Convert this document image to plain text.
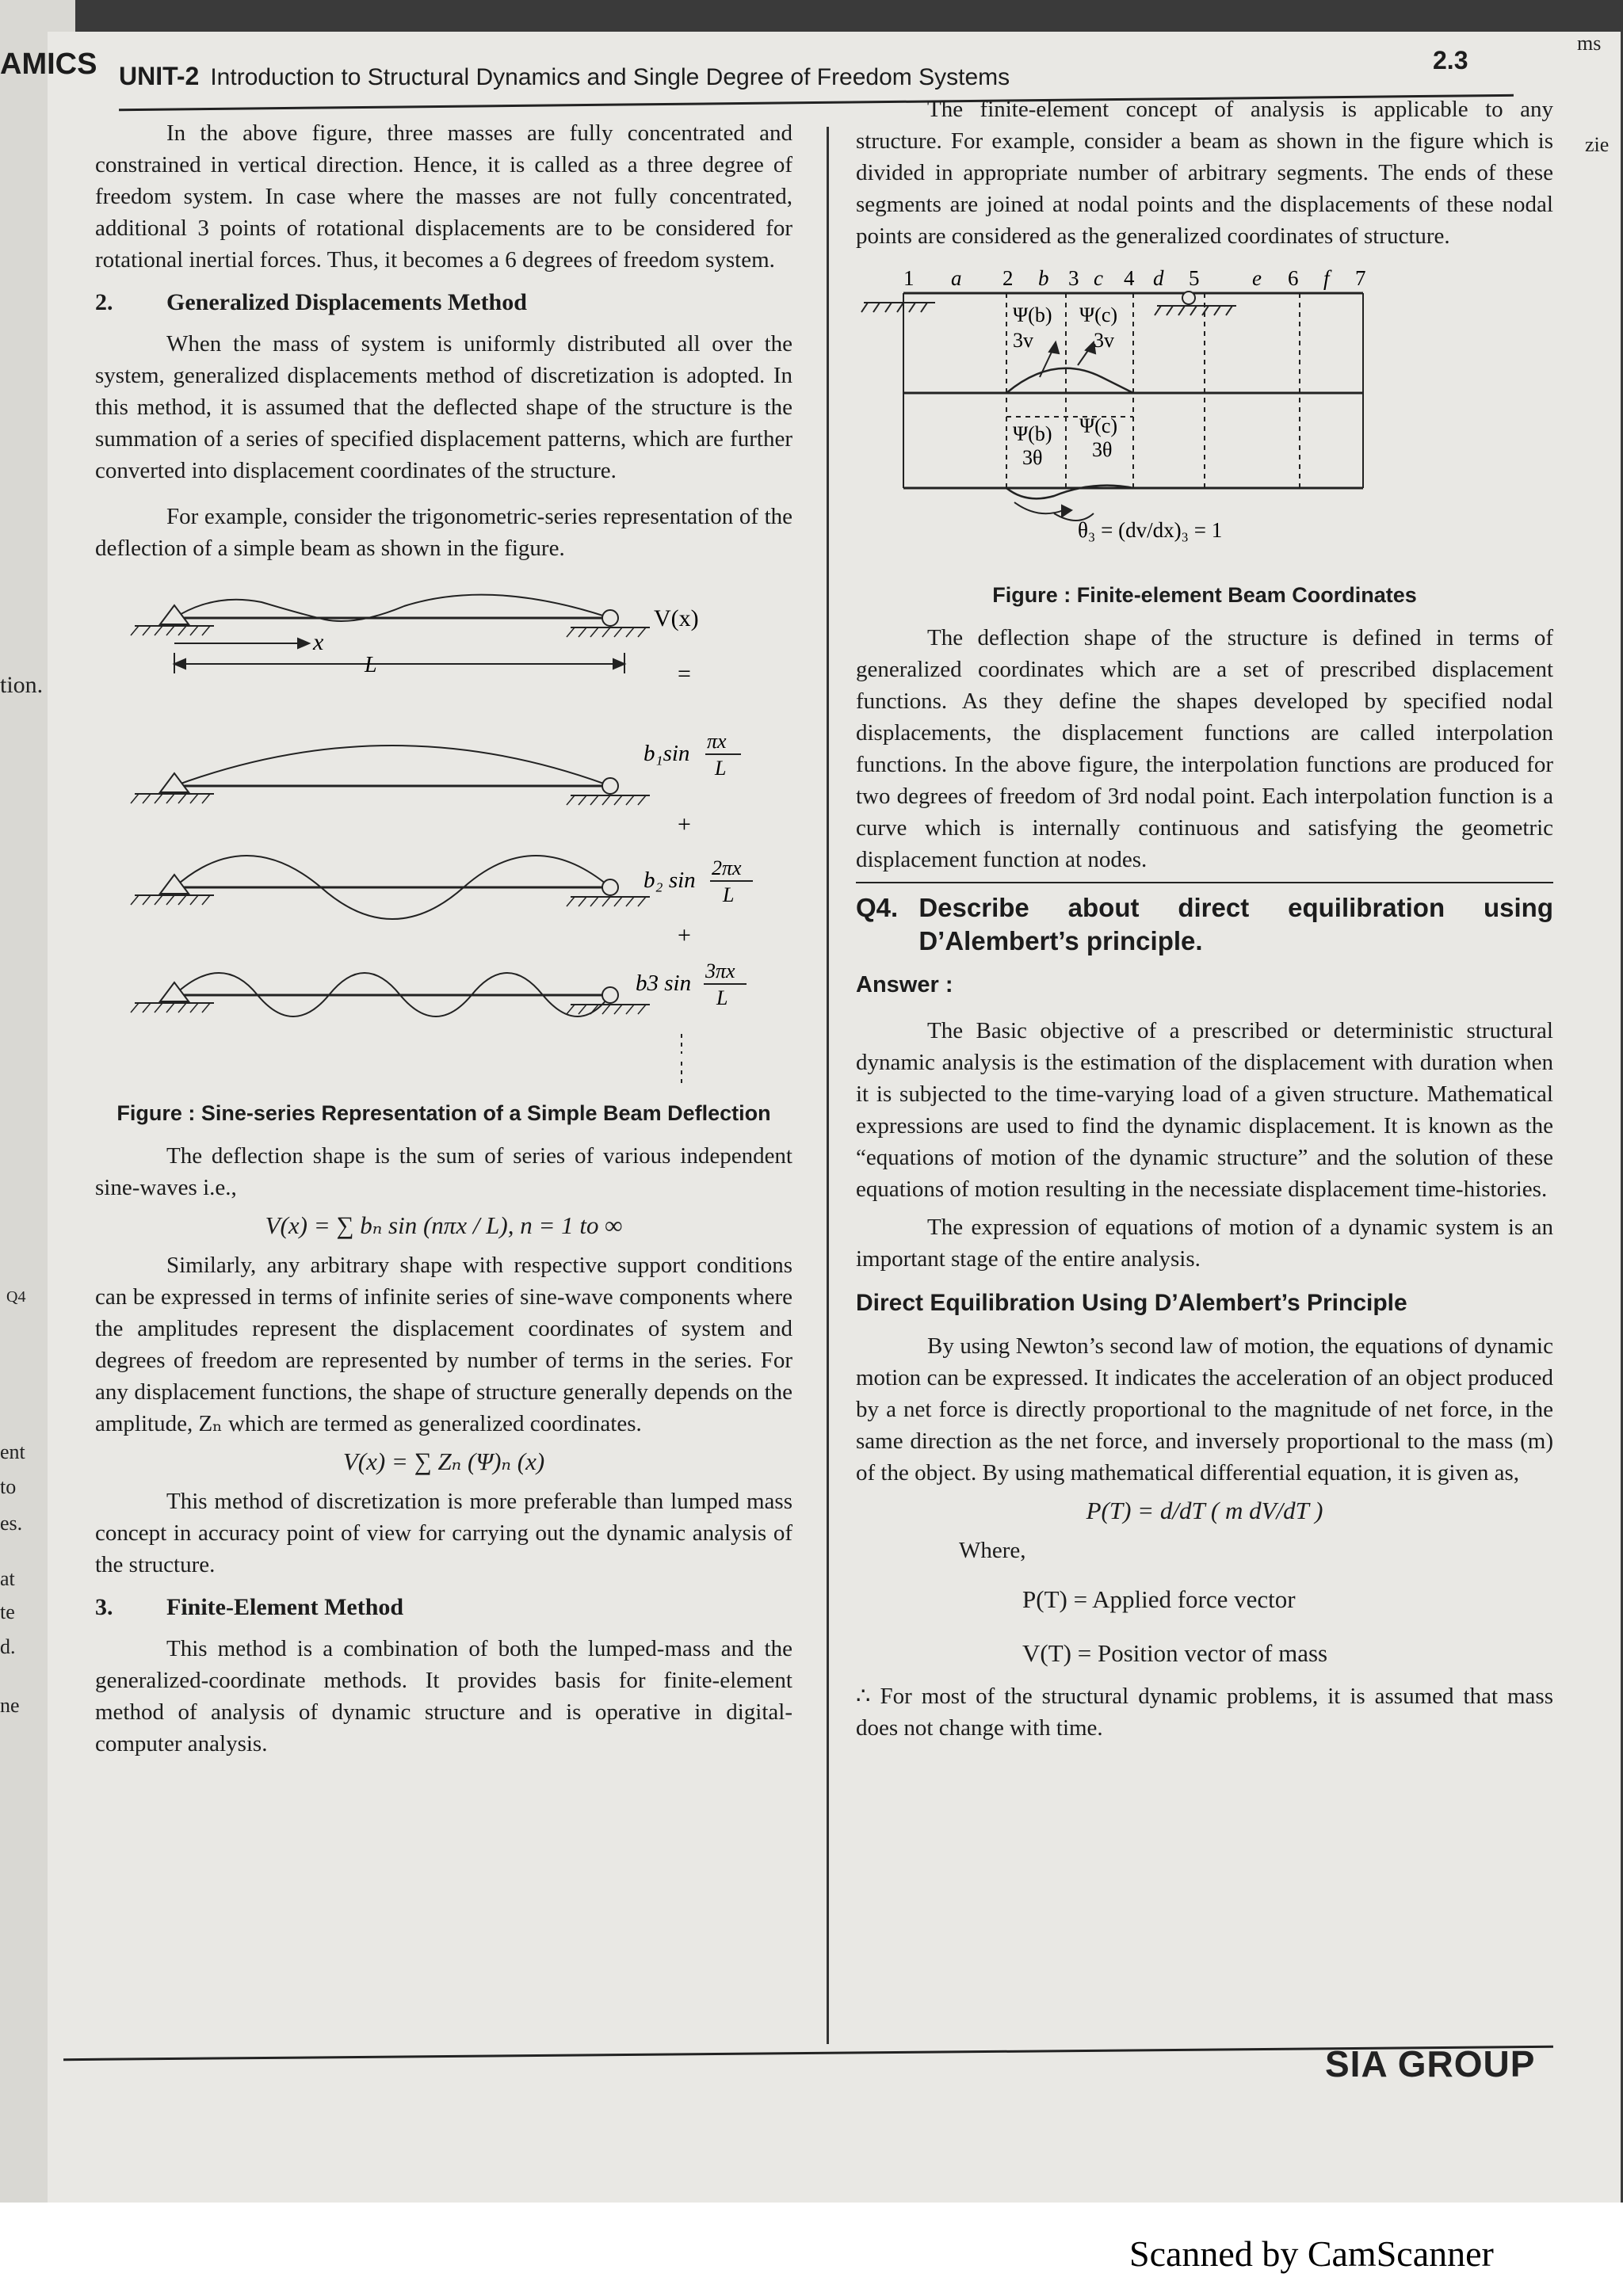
AMICS UNIT-2 Introduction to Structural Dynamics and Single Degree of Freedom Systems
2.3
tion.
Q4
ent
to
es.
at
te
d.
ne
ms
zie

In the above figure, three masses are fully concentrated and constrained in vertical direction. Hence, it is called as a three degree of freedom system. In case where the masses are not fully concentrated, additional 3 points of rotational displacements are to be considered for rotational inertial forces. Thus, it becomes a 6 degrees of freedom system.

2. Generalized Displacements Method

When the mass of system is uniformly distributed all over the system, generalized displacements method of discretization is adopted. In this method, it is assumed that the deflected shape of the structure is the summation of a series of specified displacement patterns, which are further converted into displacement coordinates of the structure.

For example, consider the trigonometric-series representation of the deflection of a simple beam as shown in the figure.

x
L
V(x)
=
b₁sin πx
L
+
b₂ sin 2πx
L
+
b3 sin 3πx
L
Figure : Sine-series Representation of a Simple Beam Deflection

The deflection shape is the sum of series of various independent sine-waves i.e.,

V(x) = ∑ bₙ sin (nπx / L), n = 1 to ∞

Similarly, any arbitrary shape with respective support conditions can be expressed in terms of infinite series of sine-wave components where the amplitudes represent the displacement coordinates of system and degrees of freedom are represented by number of terms in the series. For any displacement functions, the shape of structure generally depends on the amplitude, Zₙ which are termed as generalized coordinates.

V(x) = ∑ Zₙ (Ψ)ₙ (x)

This method of discretization is more preferable than lumped mass concept in accuracy point of view for carrying out the dynamic analysis of the structure.

3. Finite-Element Method

This method is a combination of both the lumped-mass and the generalized-coordinate methods. It provides basis for finite-element method of analysis of dynamic structure and is operative in digital-computer analysis.

The finite-element concept of analysis is applicable to any structure. For example, consider a beam as shown in the figure which is divided in appropriate number of arbitrary segments. The ends of these segments are joined at nodal points and the displacements of these nodal points are considered as the generalized coordinates of structure.

1 a 2 b 3 c 4 d 5 e 6 f 7
Ψ(b)
3v
Ψ(c)
3v
Ψ(b)
3θ
Ψ(c)
3θ
θ₃ = (dv/dx)₃ = 1
Figure : Finite-element Beam Coordinates

The deflection shape of the structure is defined in terms of generalized coordinates which are a set of prescribed displacement functions. As they define the shapes developed by specified nodal displacements, the displacement functions are called interpolation functions. In the above figure, the interpolation functions are produced for two degrees of freedom of 3rd nodal point. Each interpolation function is a curve which is internally continuous and satisfying the geometric displacement function at nodes.

Q4. Describe about direct equilibration using D’Alembert’s principle.
Answer :

The Basic objective of a prescribed or deterministic structural dynamic analysis is the estimation of the displacement with duration when it is subjected to the time-varying load of a given structure. Mathematical expressions are used to find the dynamic displacement. It is known as the “equations of motion of the dynamic structure” and the solution of these equations of motion resulting in the necessiate displacement time-histories.

The expression of equations of motion of a dynamic system is an important stage of the entire analysis.

Direct Equilibration Using D’Alembert’s Principle

By using Newton’s second law of motion, the equations of dynamic motion can be expressed. It indicates the acceleration of an object produced by a net force is directly proportional to the magnitude of net force, in the same direction as the net force, and inversely proportional to the mass (m) of the object. By using mathematical differential equation, it is given as,

P(T) = d/dT ( m dV/dT )

Where,

P(T) = Applied force vector
V(T) = Position vector of mass

∴ For most of the structural dynamic problems, it is assumed that mass does not change with time.

SIA GROUP
Scanned by CamScanner
